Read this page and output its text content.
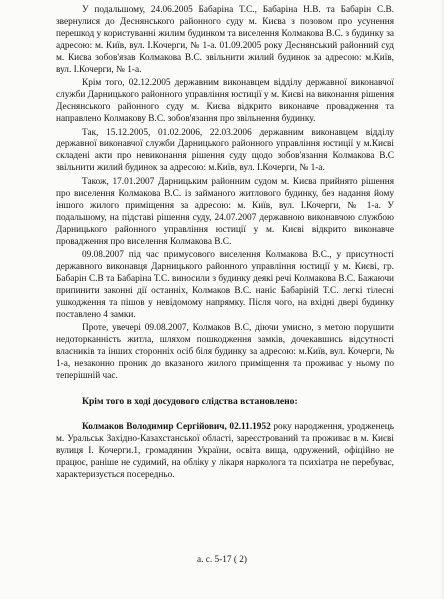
У подальшому, 24.06.2005 Бабаріна Т.С., Бабаріна Н.В. та Бабарін С.В. звернулися до Деснянського районного суду м. Києва з позовом про усунення перешкод у користуванні жилим будинком та виселення Колмакова В.С. з будинку за адресою: м. Київ, вул. І.Кочерги, № 1-а. 01.09.2005 року Деснянський районний суд м. Києва зобов'язав Колмакова В.С. звільнити жилий будинок за адресою: м.Київ, вул. І.Кочерги, № 1-а.

Крім того, 02.12.2005 державним виконавцем відділу державної виконавчої служби Дарницького районного управління юстиції у м. Києві на виконання рішення Деснянського районного суду м. Києва відкрито виконавче провадження та направлено Колмакову В.С. зобов'язання про звільнення будинку.

Так, 15.12.2005, 01.02.2006, 22.03.2006 державним виконавцем відділу державної виконавчої служби Дарницького районного управління юстиції у м.Києві складені акти про невиконання рішення суду щодо зобов'язання Колмакова В.С звільнити жилий будинок за адресою: м.Київ, вул. І.Кочерги, № 1-а.

Також, 17.01.2007 Дарницьким районним судом м. Києва прийнято рішення про виселення Колмакова В.С. із займаного житлового будинку, без надання йому іншого жилого приміщення за адресою: м. Київ, вул. І.Кочерги, № 1-а. У подальшому, на підставі рішення суду, 24.07.2007 державною виконавчою службою Дарницького районного управління юстиції у м. Києві відкрито виконавче провадження про виселення Колмакова В.С.

09.08.2007 під час примусового виселення Колмакова В.С., у присутності державного виконавця Дарницького районного управління юстиції у м. Києві, гр. Бабарін С.В та Бабаріна Т.С. виносили з будинку деякі речі Колмакова В.С. Бажаючи припинити законні дії останніх, Колмаков В.С. наніс Бабаріній Т.С. легкі тілесні ушкодження та пішов у невідомому напрямку. Після чого, на вхідні двері будинку поставлено 4 замки.

Проте, увечері 09.08.2007, Колмаков В.С, діючи умисно, з метою порушити недоторканність житла, шляхом пошкодження замків, дочекавшись відсутності власників та інших сторонніх осіб біля будинку за адресою: м.Київ, вул. Кочерги, № 1-а, незаконно проник до вказаного жилого приміщення та проживає у ньому по теперішній час.

Крім того в ході досудового слідства встановлено:

Колмаков Володимир Сергійович, 02.11.1952 року народження, уродженець м. Уральськ Західно-Казахстанської області, зареєстрований та проживає в м. Києві вулиця І. Кочерги.1, громадянин України, освіта вища, одружений, офіційно не працює, раніше не судимий, на обліку у лікаря нарколога та психіатра не перебуває, характеризується посередньо.

а. с. 5-17 ( 2)
